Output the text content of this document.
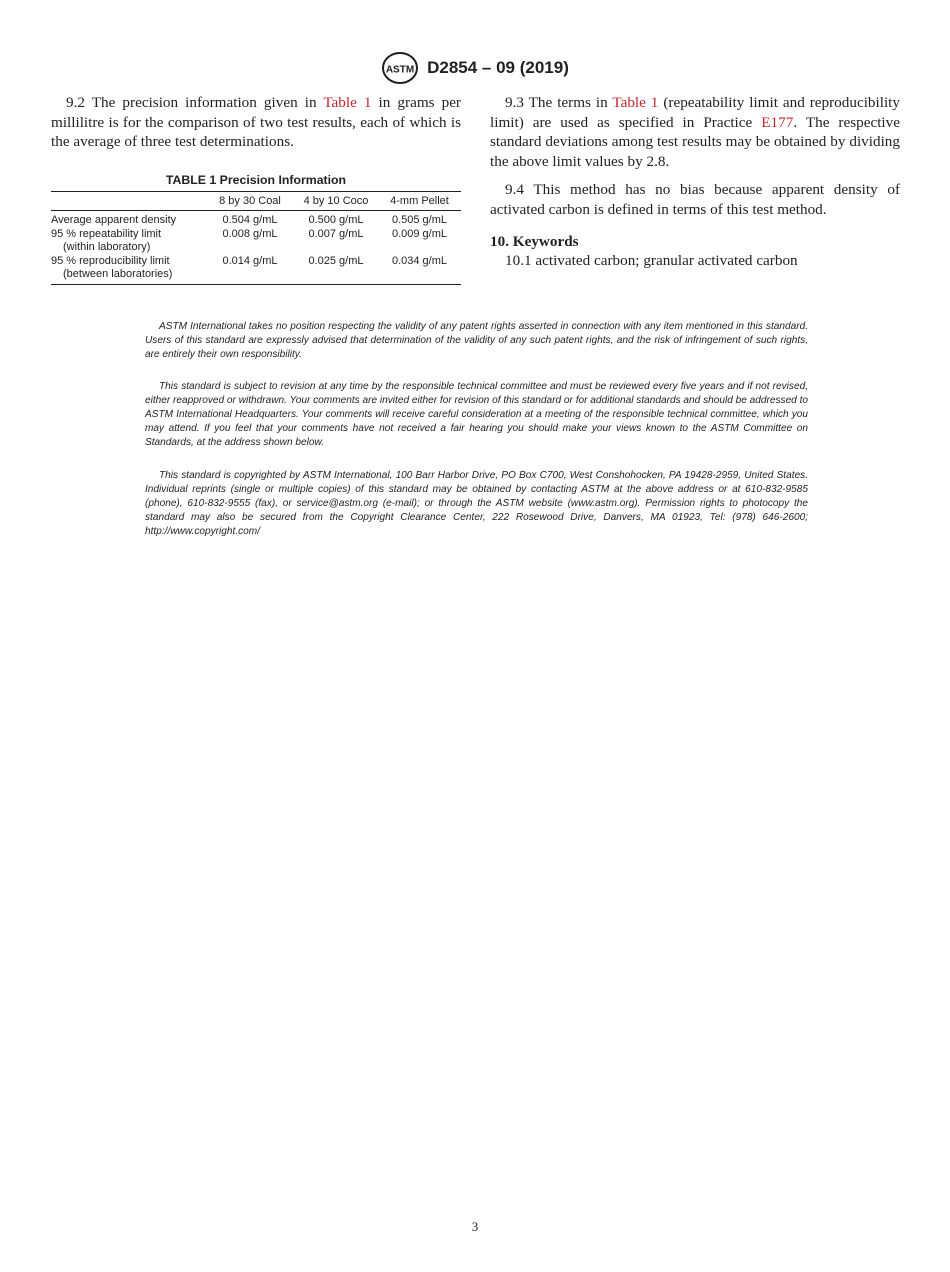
ASTM D2854 – 09 (2019)

9.2 The precision information given in Table 1 in grams per millilitre is for the comparison of two test results, each of which is the average of three test determinations.

TABLE 1 Precision Information
	8 by 30 Coal	4 by 10 Coco	4-mm Pellet
Average apparent density	0.504 g/mL	0.500 g/mL	0.505 g/mL
95 % repeatability limit
(within laboratory)	0.008 g/mL	0.007 g/mL	0.009 g/mL
95 % reproducibility limit
(between laboratories)	0.014 g/mL	0.025 g/mL	0.034 g/mL

9.3 The terms in Table 1 (repeatability limit and reproducibility limit) are used as specified in Practice E177. The respective standard deviations among test results may be obtained by dividing the above limit values by 2.8.

9.4 This method has no bias because apparent density of activated carbon is defined in terms of this test method.

10. Keywords

10.1 activated carbon; granular activated carbon

ASTM International takes no position respecting the validity of any patent rights asserted in connection with any item mentioned in this standard. Users of this standard are expressly advised that determination of the validity of any such patent rights, and the risk of infringement of such rights, are entirely their own responsibility.

This standard is subject to revision at any time by the responsible technical committee and must be reviewed every five years and if not revised, either reapproved or withdrawn. Your comments are invited either for revision of this standard or for additional standards and should be addressed to ASTM International Headquarters. Your comments will receive careful consideration at a meeting of the responsible technical committee, which you may attend. If you feel that your comments have not received a fair hearing you should make your views known to the ASTM Committee on Standards, at the address shown below.

This standard is copyrighted by ASTM International, 100 Barr Harbor Drive, PO Box C700, West Conshohocken, PA 19428-2959, United States. Individual reprints (single or multiple copies) of this standard may be obtained by contacting ASTM at the above address or at 610-832-9585 (phone), 610-832-9555 (fax), or service@astm.org (e-mail); or through the ASTM website (www.astm.org). Permission rights to photocopy the standard may also be secured from the Copyright Clearance Center, 222 Rosewood Drive, Danvers, MA 01923, Tel: (978) 646-2600; http://www.copyright.com/

3
